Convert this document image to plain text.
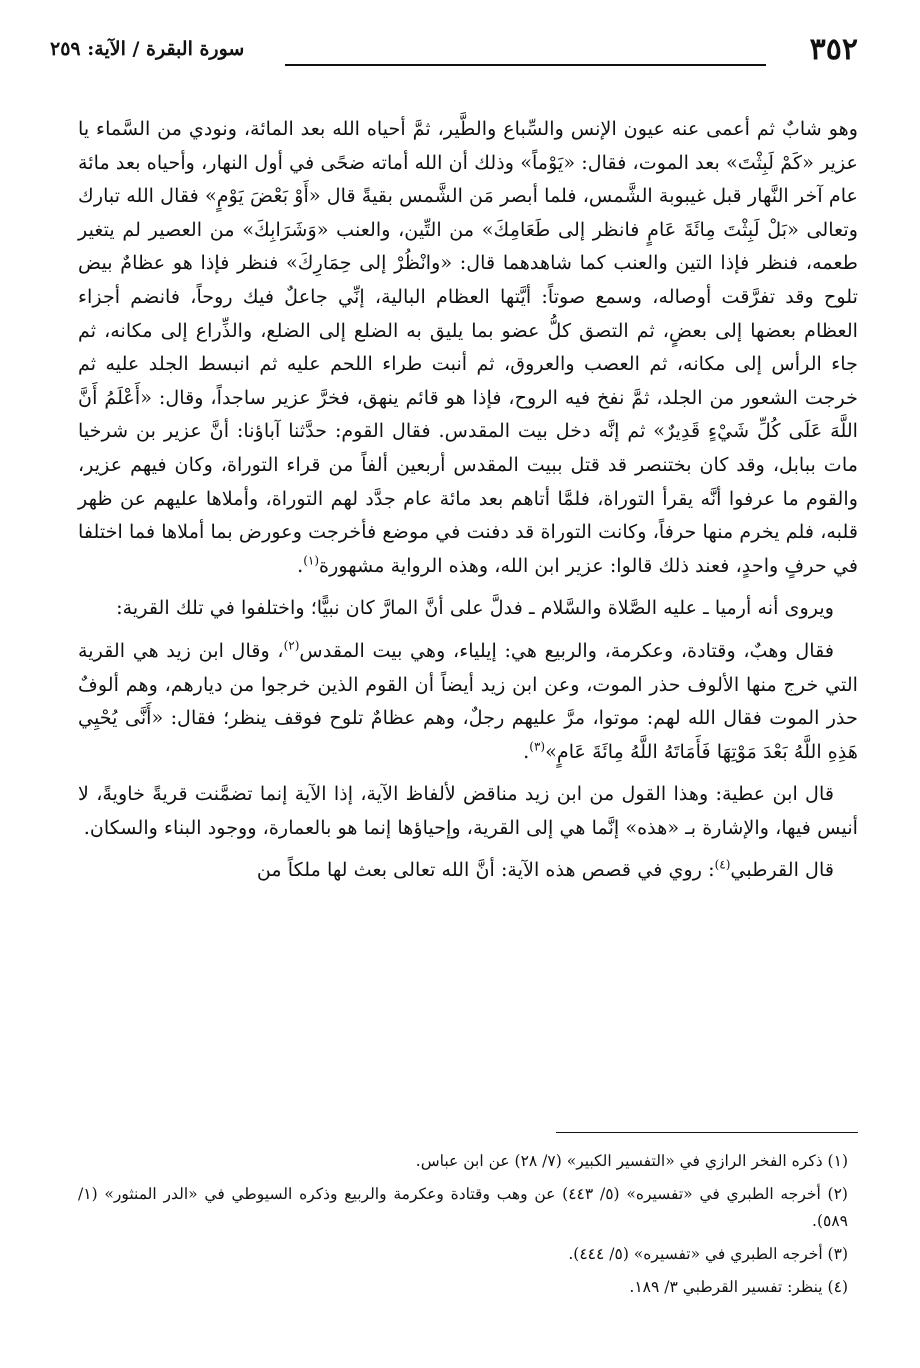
٣٥٢
سورة البقرة / الآية: ٢٥٩

وهو شابٌ ثم أعمى عنه عيون الإنس والسِّباع والطَّير، ثمَّ أحياه الله بعد المائة، ونودي من السَّماء يا عزير «كَمْ لَبِثْتَ» بعد الموت، فقال: «يَوْماً» وذلك أن الله أماته ضحًى في أول النهار، وأحياه بعد مائة عام آخر النَّهار قبل غيبوبة الشَّمس، فلما أبصر مَن الشَّمس بقيةً قال «أَوْ بَعْضَ يَوْمٍ» فقال الله تبارك وتعالى «بَلْ لَبِثْتَ مِائَةَ عَامٍ فانظر إلى طَعَامِكَ» من التِّين، والعنب «وَشَرَابِكَ» من العصير لم يتغير طعمه، فنظر فإذا التين والعنب كما شاهدهما قال: «وانْظُرْ إلى حِمَارِكَ» فنظر فإذا هو عظامٌ بيض تلوح وقد تفرَّقت أوصاله، وسمع صوتاً: أيَّتها العظام البالية، إنِّي جاعلٌ فيك روحاً، فانضم أجزاء العظام بعضها إلى بعضٍ، ثم التصق كلُّ عضو بما يليق به الضلع إلى الضلع، والذِّراع إلى مكانه، ثم جاء الرأس إلى مكانه، ثم العصب والعروق، ثم أنبت طراء اللحم عليه ثم انبسط الجلد عليه ثم خرجت الشعور من الجلد، ثمَّ نفخ فيه الروح، فإذا هو قائم ينهق، فخرَّ عزير ساجداً، وقال: «أَعْلَمُ أَنَّ اللَّهَ عَلَى كُلِّ شَيْءٍ قَدِيرٌ» ثم إنَّه دخل بيت المقدس. فقال القوم: حدَّثنا آباؤنا: أنَّ عزير بن شرخيا مات ببابل، وقد كان بختنصر قد قتل ببيت المقدس أربعين ألفاً من قراء التوراة، وكان فيهم عزير، والقوم ما عرفوا أنَّه يقرأ التوراة، فلمَّا أتاهم بعد مائة عام جدَّد لهم التوراة، وأملاها عليهم عن ظهر قلبه، فلم يخرم منها حرفاً، وكانت التوراة قد دفنت في موضع فأخرجت وعورض بما أملاها فما اختلفا في حرفٍ واحدٍ، فعند ذلك قالوا: عزير ابن الله، وهذه الرواية مشهورة$^{(١)}$.

ويروى أنه أرميا ـ عليه الصَّلاة والسَّلام ـ فدلَّ على أنَّ المارَّ كان نبيًّا؛ واختلفوا في تلك القرية:

فقال وهبٌ، وقتادة، وعكرمة، والربيع هي: إيلياء، وهي بيت المقدس$^{(٢)}$، وقال ابن زيد هي القرية التي خرج منها الألوف حذر الموت، وعن ابن زيد أيضاً أن القوم الذين خرجوا من ديارهم، وهم ألوفٌ حذر الموت فقال الله لهم: موتوا، مرَّ عليهم رجلٌ، وهم عظامٌ تلوح فوقف ينظر؛ فقال: «أَنَّى يُحْيِي هَذِهِ اللَّهُ بَعْدَ مَوْتِهَا فَأَمَاتَهُ اللَّهُ مِائَةَ عَامٍ»$^{(٣)}$.

قال ابن عطية: وهذا القول من ابن زيد مناقض لألفاظ الآية، إذا الآية إنما تضمَّنت قريةً خاويةً، لا أنيس فيها، والإشارة بـ «هذه» إنَّما هي إلى القرية، وإحياؤها إنما هو بالعمارة، ووجود البناء والسكان.

قال القرطبي$^{(٤)}$: روي في قصص هذه الآية: أنَّ الله تعالى بعث لها ملكاً من

(١) ذكره الفخر الرازي في «التفسير الكبير» (٧/ ٢٨) عن ابن عباس.

(٢) أخرجه الطبري في «تفسيره» (٥/ ٤٤٣) عن وهب وقتادة وعكرمة والربيع وذكره السيوطي في «الدر المنثور» (١/ ٥٨٩).

(٣) أخرجه الطبري في «تفسيره» (٥/ ٤٤٤).

(٤) ينظر: تفسير القرطبي ٣/ ١٨٩.
